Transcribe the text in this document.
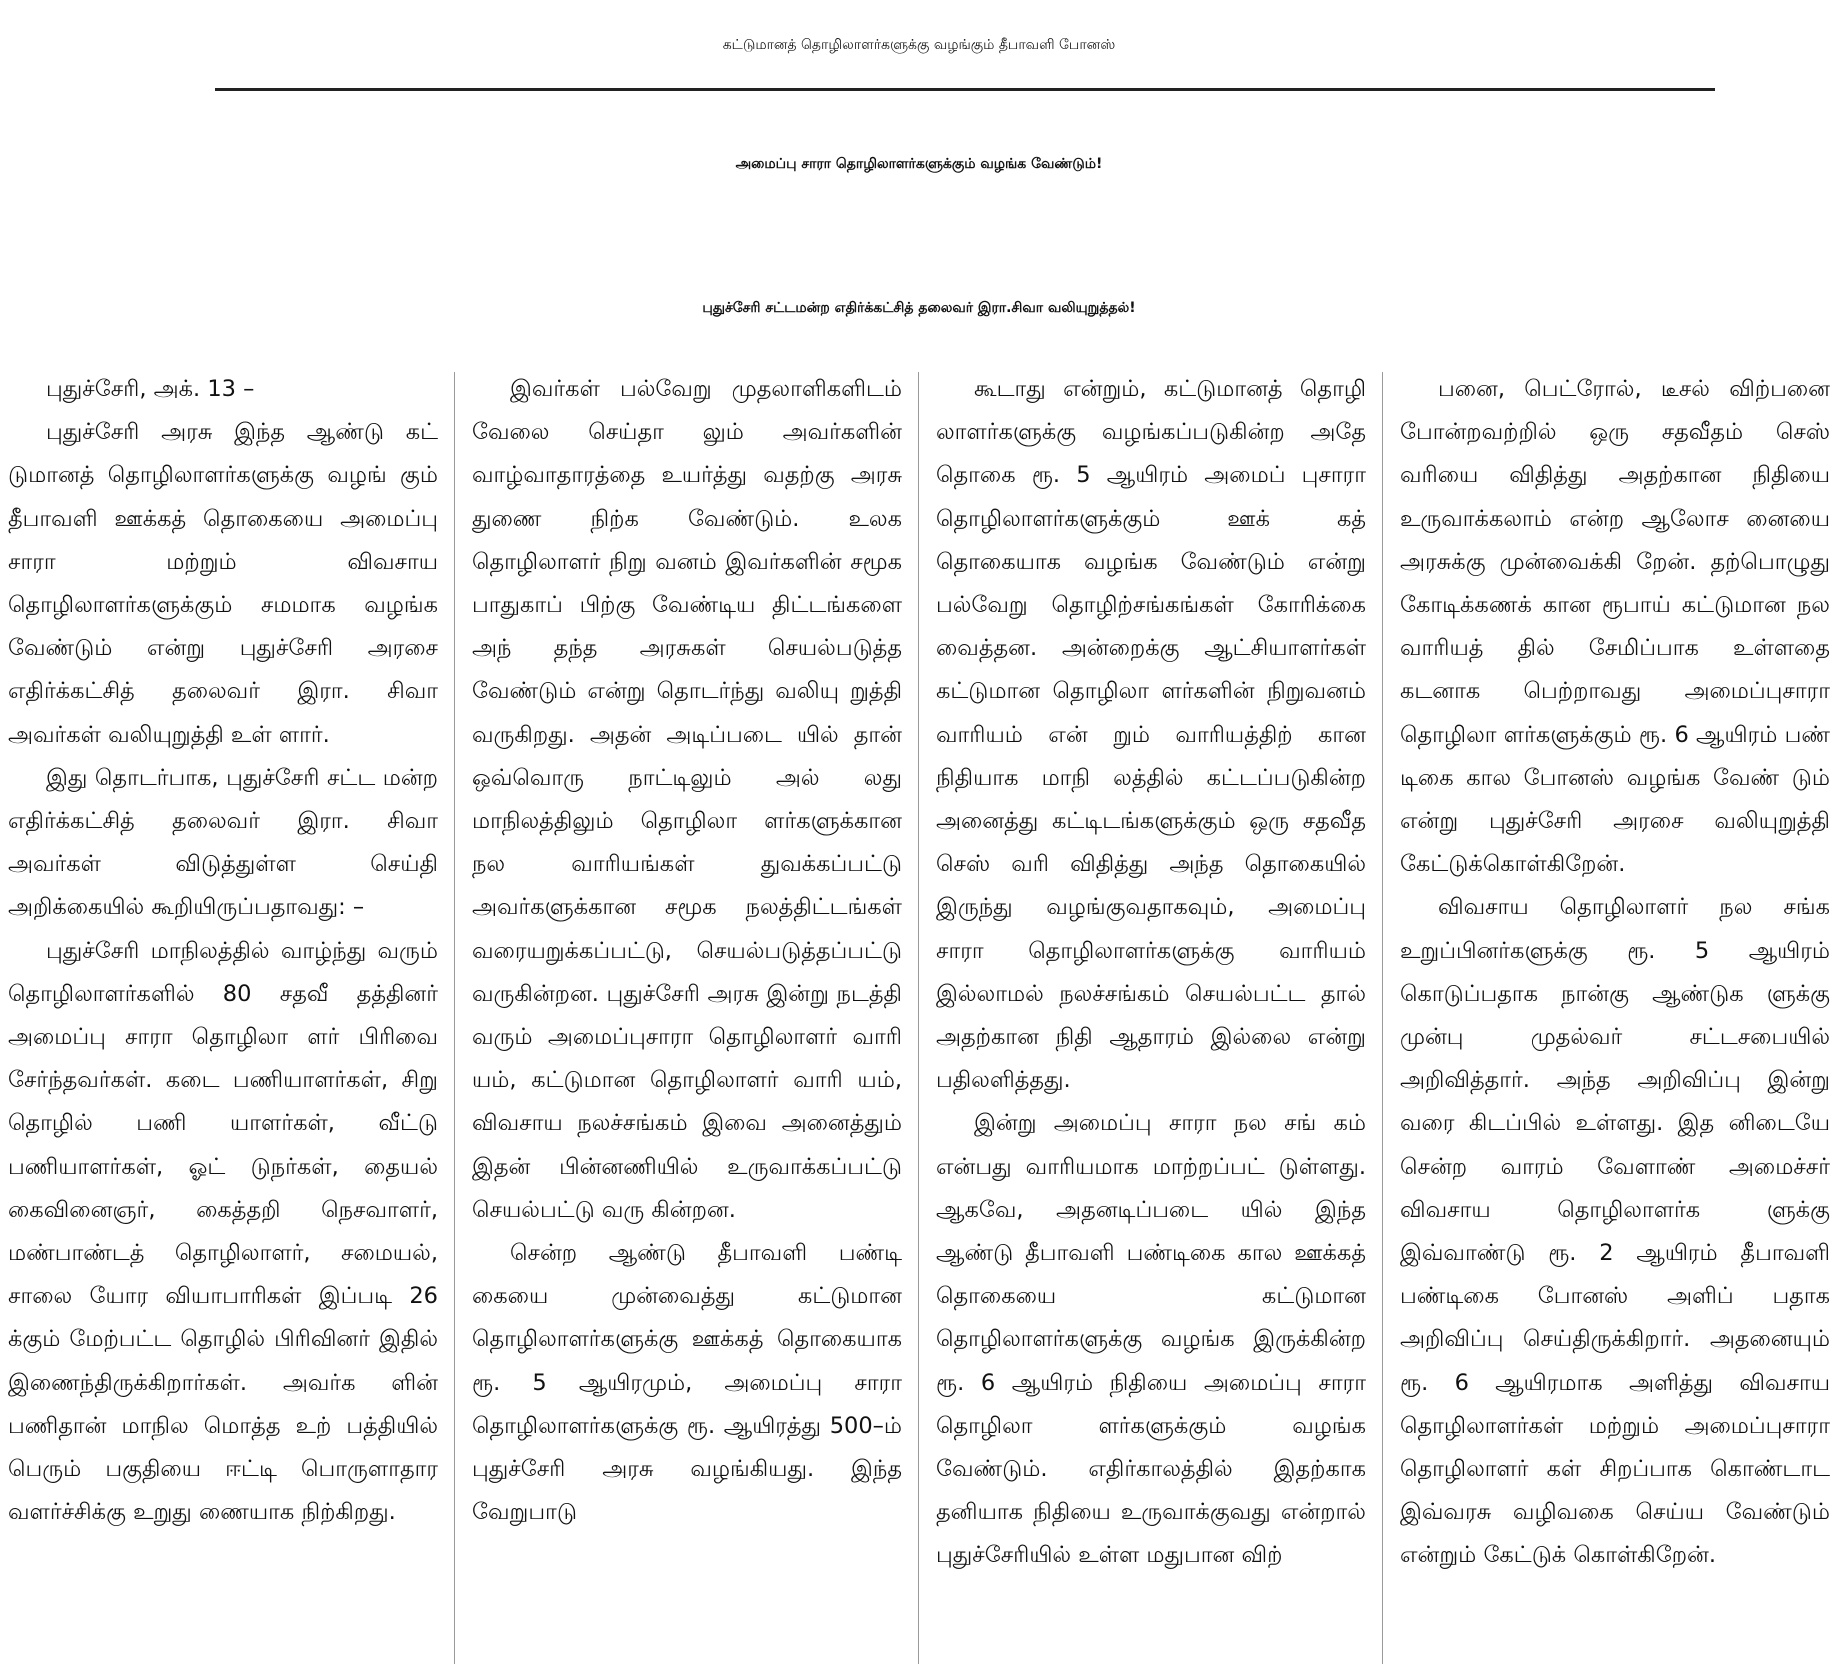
கட்டுமானத் தொழிலாளர்களுக்கு வழங்கும் தீபாவளி போனஸ்
அமைப்பு சாரா தொழிலாளர்களுக்கும் வழங்க வேண்டும்!
புதுச்சேரி சட்டமன்ற எதிர்க்கட்சித் தலைவர் இரா.சிவா வலியுறுத்தல்!

புதுச்சேரி, அக். 13 –

புதுச்சேரி அரசு இந்த ஆண்டு கட் டுமானத் தொழிலாளர்களுக்கு வழங் கும் தீபாவளி ஊக்கத் தொகையை அமைப்பு சாரா மற்றும் விவசாய தொழிலாளர்களுக்கும் சமமாக வழங்க வேண்டும் என்று புதுச்சேரி அரசை எதிர்க்கட்சித் தலைவர் இரா. சிவா அவர்கள் வலியுறுத்தி உள் ளார்.

இது தொடர்பாக, புதுச்சேரி சட்ட மன்ற எதிர்க்கட்சித் தலைவர் இரா. சிவா அவர்கள் விடுத்துள்ள செய்தி அறிக்கையில் கூறியிருப்பதாவது: –

புதுச்சேரி மாநிலத்தில் வாழ்ந்து வரும் தொழிலாளர்களில் 80 சதவீ தத்தினர் அமைப்பு சாரா தொழிலா ளர் பிரிவை சேர்ந்தவர்கள். கடை பணியாளர்கள், சிறு தொழில் பணி யாளர்கள், வீட்டு பணியாளர்கள், ஓட் டுநர்கள், தையல் கைவினைஞர், கைத்தறி நெசவாளர், மண்பாண்டத் தொழிலாளர், சமையல், சாலை யோர வியாபாரிகள் இப்படி 26 க்கும் மேற்பட்ட தொழில் பிரிவினர் இதில் இணைந்திருக்கிறார்கள். அவர்க ளின் பணிதான் மாநில மொத்த உற் பத்தியில் பெரும் பகுதியை ஈட்டி பொருளாதார வளர்ச்சிக்கு உறுது ணையாக நிற்கிறது.

இவர்கள் பல்வேறு முதலாளிகளிடம் வேலை செய்தா லும் அவர்களின் வாழ்வாதாரத்தை உயர்த்து வதற்கு அரசு துணை நிற்க வேண்டும். உலக தொழிலாளர் நிறு வனம் இவர்களின் சமூக பாதுகாப் பிற்கு வேண்டிய திட்டங்களை அந் தந்த அரசுகள் செயல்படுத்த வேண்டும் என்று தொடர்ந்து வலியு றுத்தி வருகிறது. அதன் அடிப்படை யில் தான் ஒவ்வொரு நாட்டிலும் அல் லது மாநிலத்திலும் தொழிலா ளர்களுக்கான நல வாரியங்கள் துவக்கப்பட்டு அவர்களுக்கான சமூக நலத்திட்டங்கள் வரையறுக்கப்பட்டு, செயல்படுத்தப்பட்டு வருகின்றன. புதுச்சேரி அரசு இன்று நடத்தி வரும் அமைப்புசாரா தொழிலாளர் வாரி யம், கட்டுமான தொழிலாளர் வாரி யம், விவசாய நலச்சங்கம் இவை அனைத்தும் இதன் பின்னணியில் உருவாக்கப்பட்டு செயல்பட்டு வரு கின்றன.

சென்ற ஆண்டு தீபாவளி பண்டி கையை முன்வைத்து கட்டுமான தொழிலாளர்களுக்கு ஊக்கத் தொகையாக ரூ. 5 ஆயிரமும், அமைப்பு சாரா தொழிலாளர்களுக்கு ரூ. ஆயிரத்து 500–ம் புதுச்சேரி அரசு வழங்கியது. இந்த வேறுபாடு

கூடாது என்றும், கட்டுமானத் தொழி லாளர்களுக்கு வழங்கப்படுகின்ற அதே தொகை ரூ. 5 ஆயிரம் அமைப் புசாரா தொழிலாளர்களுக்கும் ஊக் கத் தொகையாக வழங்க வேண்டும் என்று பல்வேறு தொழிற்சங்கங்கள் கோரிக்கை வைத்தன. அன்றைக்கு ஆட்சியாளர்கள் கட்டுமான தொழிலா ளர்களின் நிறுவனம் வாரியம் என் றும் வாரியத்திற் கான நிதியாக மாநி லத்தில் கட்டப்படுகின்ற அனைத்து கட்டிடங்களுக்கும் ஒரு சதவீத செஸ் வரி விதித்து அந்த தொகையில் இருந்து வழங்குவதாகவும், அமைப்பு சாரா தொழிலாளர்களுக்கு வாரியம் இல்லாமல் நலச்சங்கம் செயல்பட்ட தால் அதற்கான நிதி ஆதாரம் இல்லை என்று பதிலளித்தது.

இன்று அமைப்பு சாரா நல சங் கம் என்பது வாரியமாக மாற்றப்பட் டுள்ளது. ஆகவே, அதனடிப்படை யில் இந்த ஆண்டு தீபாவளி பண்டிகை கால ஊக்கத் தொகையை கட்டுமான தொழிலாளர்களுக்கு வழங்க இருக்கின்ற ரூ. 6 ஆயிரம் நிதியை அமைப்பு சாரா தொழிலா ளர்களுக்கும் வழங்க வேண்டும். எதிர்காலத்தில் இதற்காக தனியாக நிதியை உருவாக்குவது என்றால் புதுச்சேரியில் உள்ள மதுபான விற்

பனை, பெட்ரோல், டீசல் விற்பனை போன்றவற்றில் ஒரு சதவீதம் செஸ் வரியை விதித்து அதற்கான நிதியை உருவாக்கலாம் என்ற ஆலோச னையை அரசுக்கு முன்வைக்கி றேன். தற்பொழுது கோடிக்கணக் கான ரூபாய் கட்டுமான நல வாரியத் தில் சேமிப்பாக உள்ளதை கடனாக பெற்றாவது அமைப்புசாரா தொழிலா ளர்களுக்கும் ரூ. 6 ஆயிரம் பண் டிகை கால போனஸ் வழங்க வேண் டும் என்று புதுச்சேரி அரசை வலியுறுத்தி கேட்டுக்கொள்கிறேன்.

விவசாய தொழிலாளர் நல சங்க உறுப்பினர்களுக்கு ரூ. 5 ஆயிரம் கொடுப்பதாக நான்கு ஆண்டுக ளுக்கு முன்பு முதல்வர் சட்டசபையில் அறிவித்தார். அந்த அறிவிப்பு இன்று வரை கிடப்பில் உள்ளது. இத னிடையே சென்ற வாரம் வேளாண் அமைச்சர் விவசாய தொழிலாளர்க ளுக்கு இவ்வாண்டு ரூ. 2 ஆயிரம் தீபாவளி பண்டிகை போனஸ் அளிப் பதாக அறிவிப்பு செய்திருக்கிறார். அதனையும் ரூ. 6 ஆயிரமாக அளித்து விவசாய தொழிலாளர்கள் மற்றும் அமைப்புசாரா தொழிலாளர் கள் சிறப்பாக கொண்டாட இவ்வரசு வழிவகை செய்ய வேண்டும் என்றும் கேட்டுக் கொள்கிறேன்.
